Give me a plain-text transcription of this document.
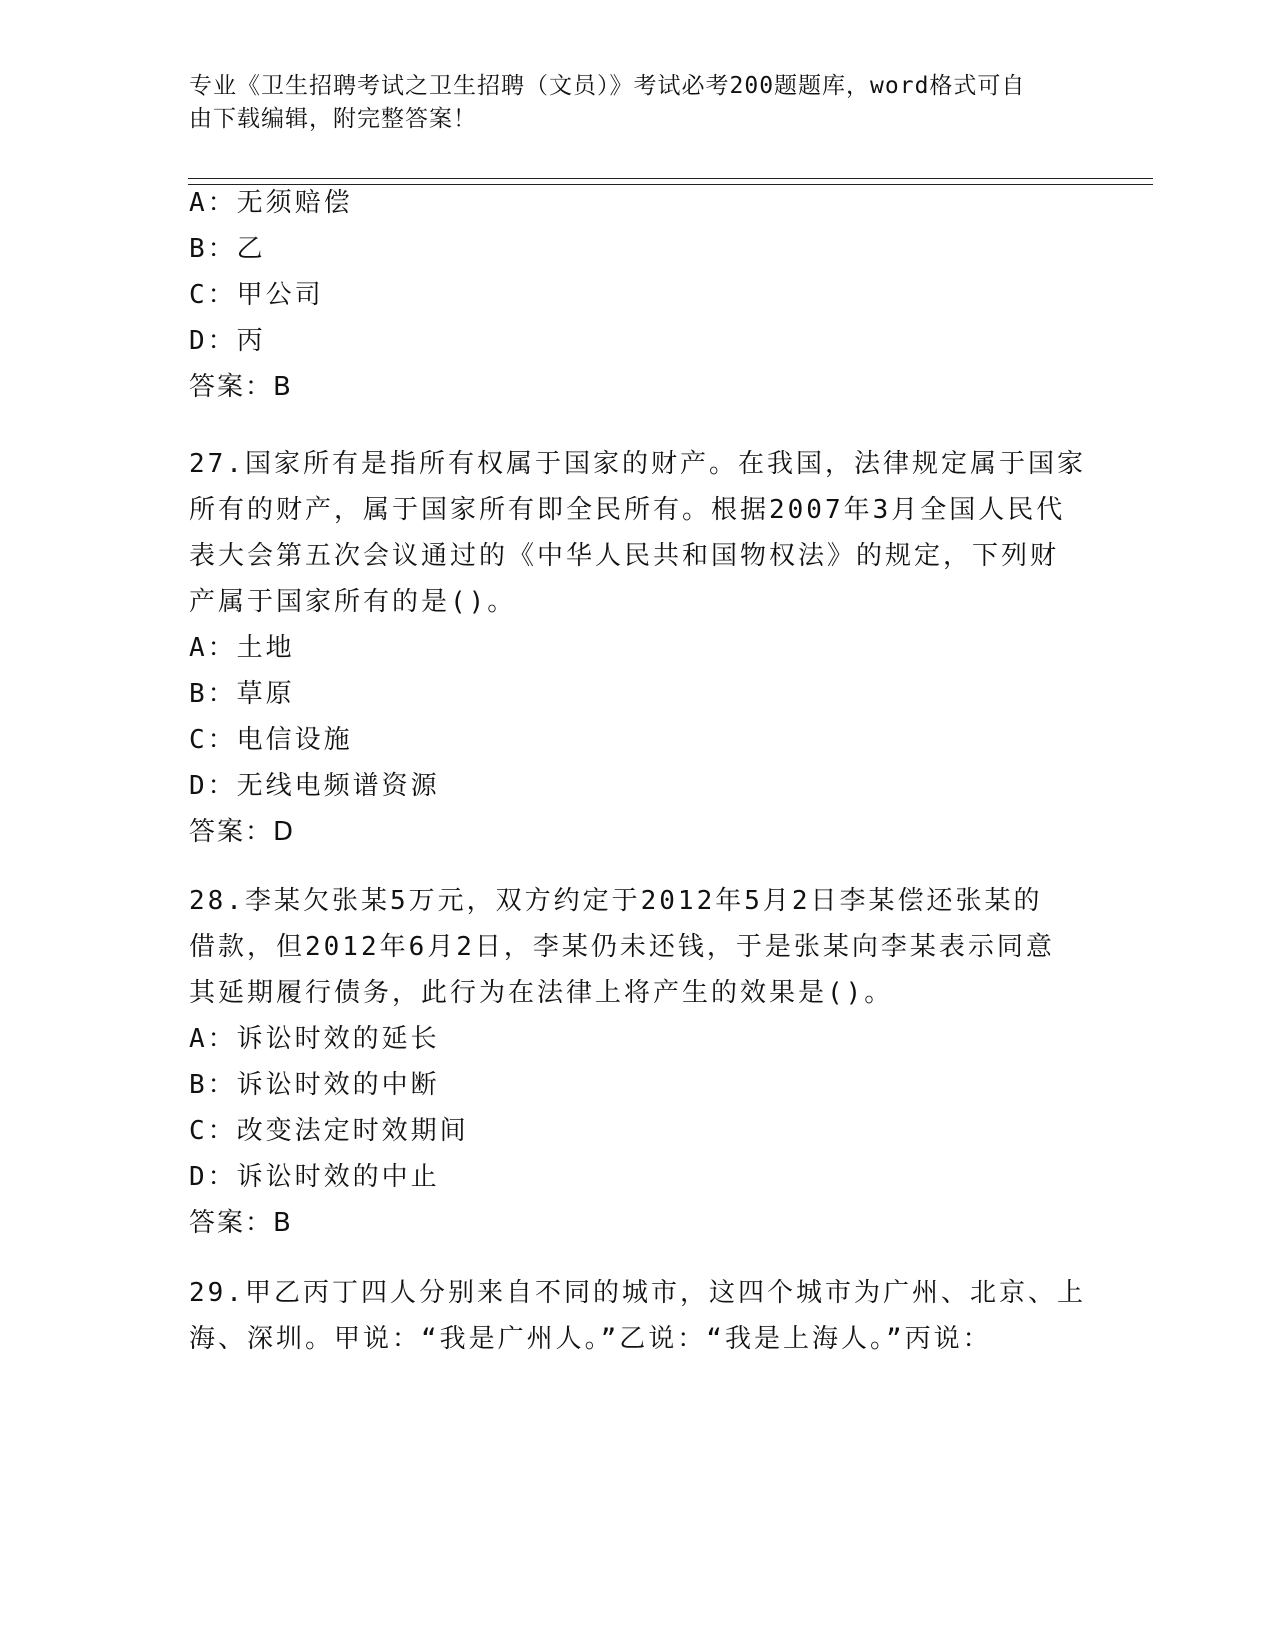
专业《卫生招聘考试之卫生招聘（文员）》考试必考200题题库，word格式可自
由下载编辑，附完整答案！
A：无须赔偿
B：乙
C：甲公司
D：丙
答案：B
27.国家所有是指所有权属于国家的财产。在我国，法律规定属于国家
所有的财产，属于国家所有即全民所有。根据2007年3月全国人民代
表大会第五次会议通过的《中华人民共和国物权法》的规定，下列财
产属于国家所有的是()。
A：土地
B：草原
C：电信设施
D：无线电频谱资源
答案：D
28.李某欠张某5万元，双方约定于2012年5月2日李某偿还张某的
借款，但2012年6月2日，李某仍未还钱，于是张某向李某表示同意
其延期履行债务，此行为在法律上将产生的效果是()。
A：诉讼时效的延长
B：诉讼时效的中断
C：改变法定时效期间
D：诉讼时效的中止
答案：B
29.甲乙丙丁四人分别来自不同的城市，这四个城市为广州、北京、上
海、深圳。甲说：“我是广州人。”乙说：“我是上海人。”丙说：
